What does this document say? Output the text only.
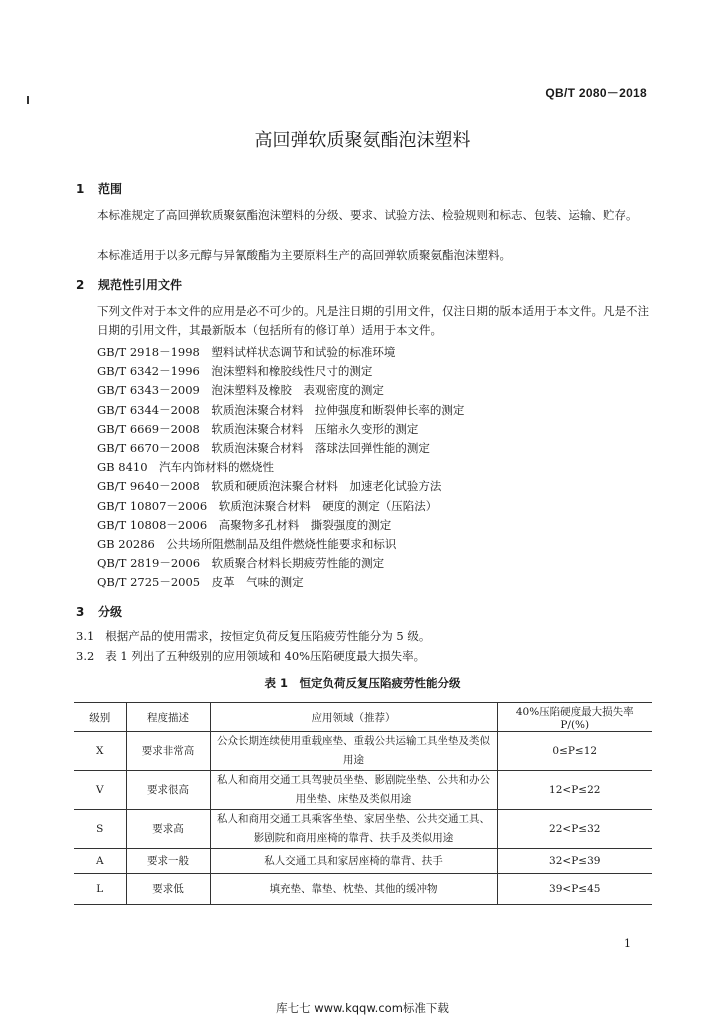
QB/T 2080－2018
高回弹软质聚氨酯泡沫塑料
1 范围
本标准规定了高回弹软质聚氨酯泡沫塑料的分级、要求、试验方法、检验规则和标志、包装、运输、贮存。
本标准适用于以多元醇与异氰酸酯为主要原料生产的高回弹软质聚氨酯泡沫塑料。
2 规范性引用文件
下列文件对于本文件的应用是必不可少的。凡是注日期的引用文件，仅注日期的版本适用于本文件。凡是不注日期的引用文件，其最新版本（包括所有的修订单）适用于本文件。
GB/T 2918－1998  塑料试样状态调节和试验的标准环境
GB/T 6342－1996  泡沫塑料和橡胶线性尺寸的测定
GB/T 6343－2009  泡沫塑料及橡胶　表观密度的测定
GB/T 6344－2008  软质泡沫聚合材料　拉伸强度和断裂伸长率的测定
GB/T 6669－2008  软质泡沫聚合材料　压缩永久变形的测定
GB/T 6670－2008  软质泡沫聚合材料　落球法回弹性能的测定
GB 8410  汽车内饰材料的燃烧性
GB/T 9640－2008  软质和硬质泡沫聚合材料　加速老化试验方法
GB/T 10807－2006  软质泡沫聚合材料　硬度的测定（压陷法）
GB/T 10808－2006  高聚物多孔材料　撕裂强度的测定
GB 20286  公共场所阻燃制品及组件燃烧性能要求和标识
QB/T 2819－2006  软质聚合材料长期疲劳性能的测定
QB/T 2725－2005  皮革　气味的测定
3 分级
3.1 根据产品的使用需求，按恒定负荷反复压陷疲劳性能分为 5 级。
3.2 表 1 列出了五种级别的应用领域和 40%压陷硬度最大损失率。
表 1　恒定负荷反复压陷疲劳性能分级
级别	程度描述	应用领域（推荐）	40%压陷硬度最大损失率 P/(%)
X	要求非常高	公众长期连续使用重载座垫、重载公共运输工具坐垫及类似用途	0≤P≤12
V	要求很高	私人和商用交通工具驾驶员坐垫、影剧院坐垫、公共和办公用坐垫、床垫及类似用途	12<P≤22
S	要求高	私人和商用交通工具乘客坐垫、家居坐垫、公共交通工具、影剧院和商用座椅的靠背、扶手及类似用途	22<P≤32
A	要求一般	私人交通工具和家居座椅的靠背、扶手	32<P≤39
L	要求低	填充垫、靠垫、枕垫、其他的缓冲物	39<P≤45
1
库七七 www.kqqw.com标准下载
